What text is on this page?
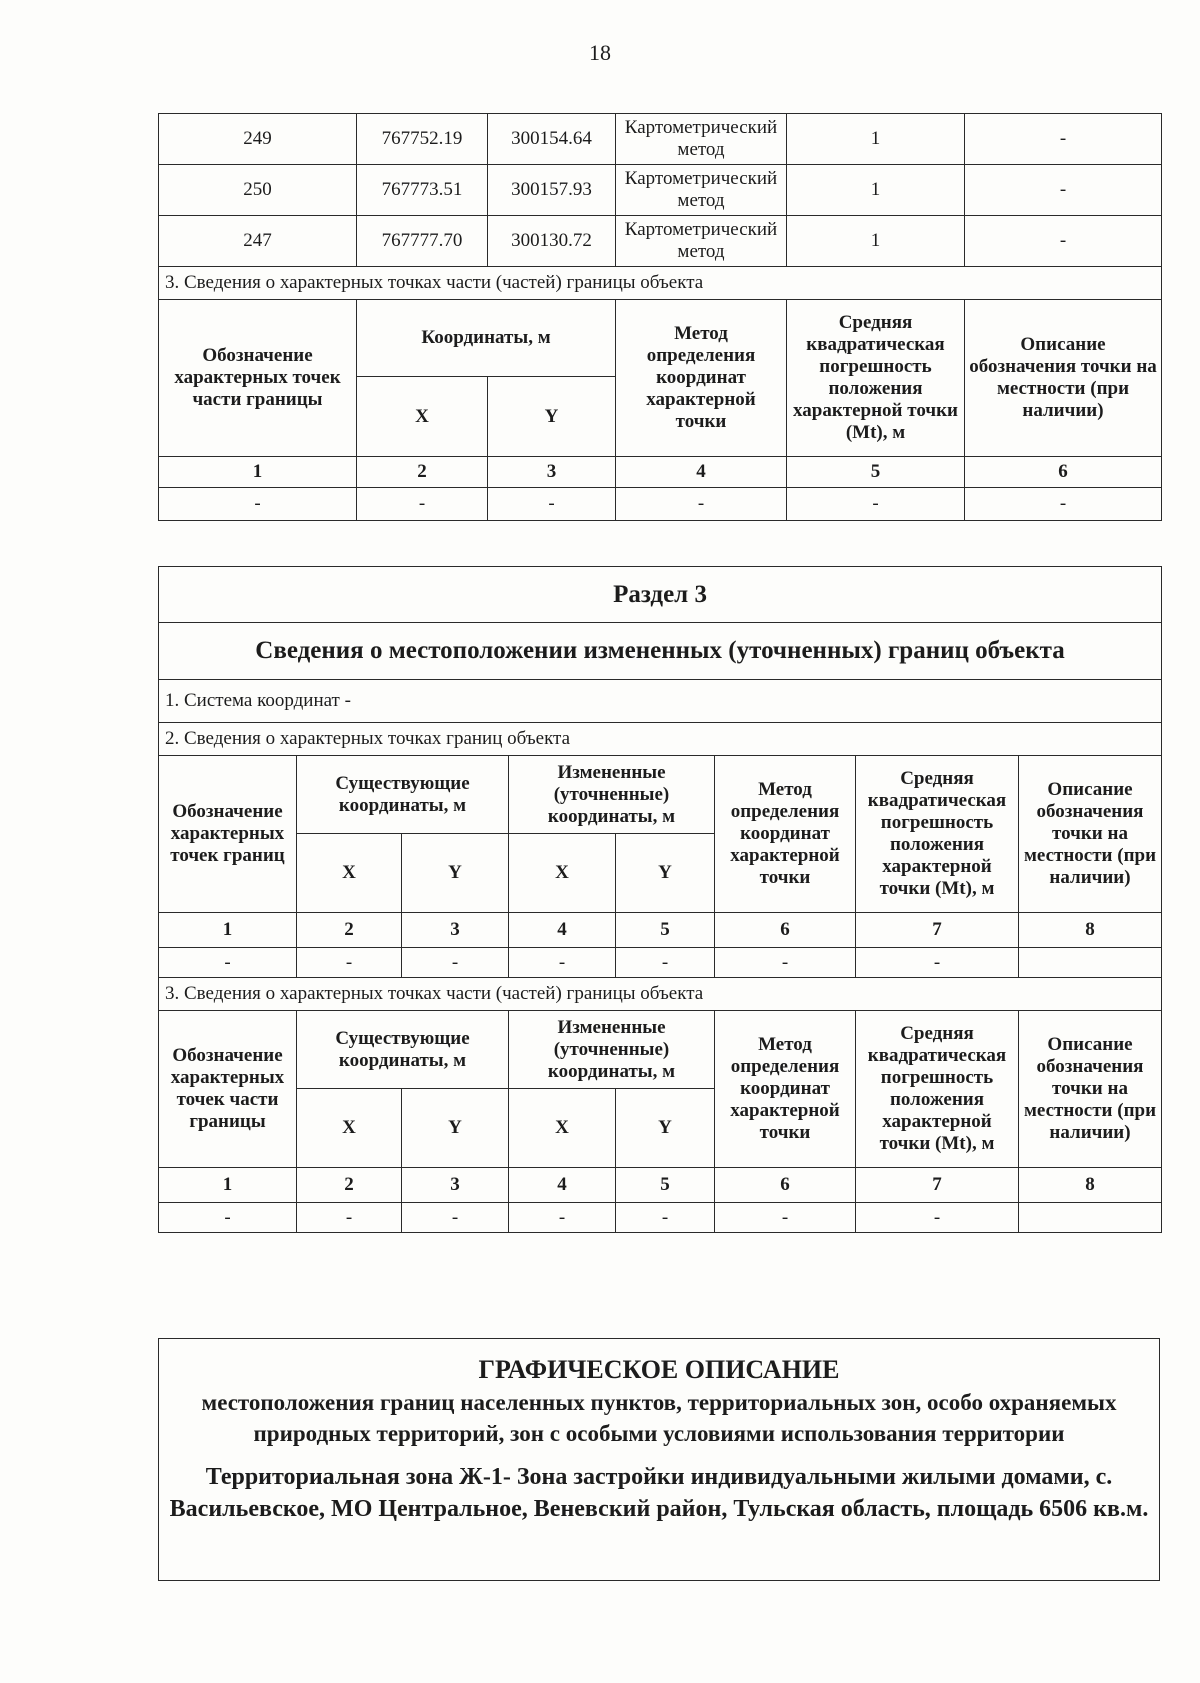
18
249	767752.19	300154.64	Картометрический метод	1	-
250	767773.51	300157.93	Картометрический метод	1	-
247	767777.70	300130.72	Картометрический метод	1	-
3. Сведения о характерных точках части (частей) границы объекта					
Обозначение характерных точек части границы	Координаты, м		Метод определения координат характерной точки	Средняя квадратическая погрешность положения характерной точки (Mt), м	Описание обозначения точки на местности (при наличии)
	X	Y			
1	2	3	4	5	6
-	-	-	-	-	-
Раздел 3							
Сведения о местоположении измененных (уточненных) границ объекта							
1. Система координат -							
2. Сведения о характерных точках границ объекта							
Обозначение характерных точек границ	Существующие координаты, м		Измененные (уточненные) координаты, м		Метод определения координат характерной точки	Средняя квадратическая погрешность положения характерной точки (Mt), м	Описание обозначения точки на местности (при наличии)
	X	Y	X	Y			
1	2	3	4	5	6	7	8
-	-	-	-	-	-	-	
3. Сведения о характерных точках части (частей) границы объекта							
Обозначение характерных точек части границы	Существующие координаты, м		Измененные (уточненные) координаты, м		Метод определения координат характерной точки	Средняя квадратическая погрешность положения характерной точки (Mt), м	Описание обозначения точки на местности (при наличии)
	X	Y	X	Y			
1	2	3	4	5	6	7	8
-	-	-	-	-	-	-	
ГРАФИЧЕСКОЕ ОПИСАНИЕ
местоположения границ населенных пунктов, территориальных зон, особо охраняемых природных территорий, зон с особыми условиями использования территории
Территориальная зона Ж-1- Зона застройки индивидуальными жилыми домами, с. Васильевское, МО Центральное, Веневский район, Тульская область, площадь 6506 кв.м.
